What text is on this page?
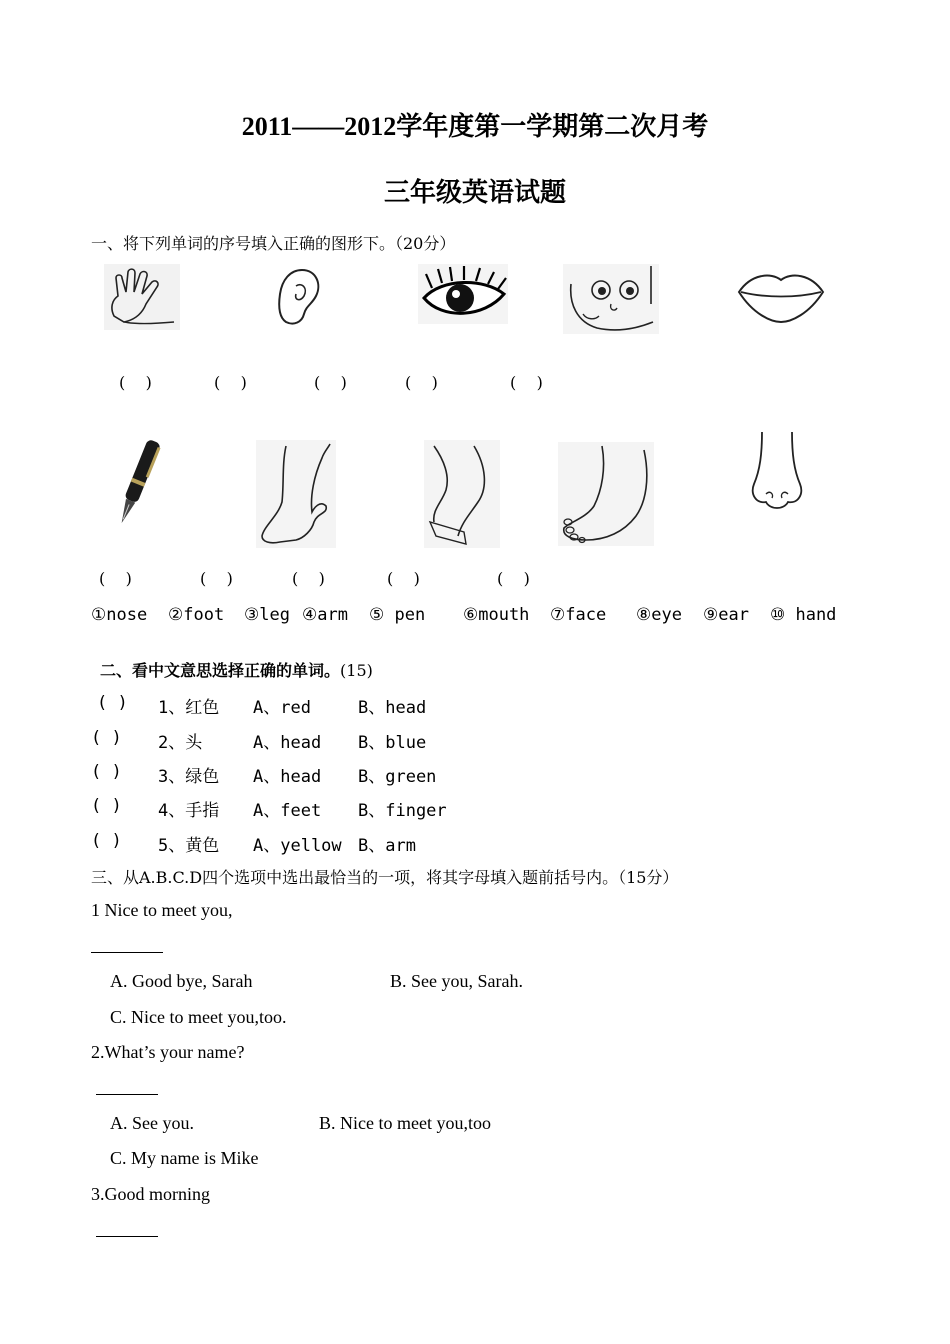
2011——2012学年度第一学期第二次月考
三年级英语试题
一、将下列单词的序号填入正确的图形下。（20分）
(    )	(    )	(    )	(    )	(    )
(    )	(    )	(    )	(    )	(    )
①nose ②foot ③leg ④arm ⑤ pen ⑥mouth ⑦face ⑧eye ⑨ear ⑩ hand
二、看中文意思选择正确的单词。(15)
( ) 1、红色 A、red	B、head
( ) 2、头	A、head B、blue
( ) 3、绿色 A、head B、green
( ) 4、手指 A、feet B、finger
( ) 5、黄色 A、yellow B、arm
三、从A.B.C.D四个选项中选出最恰当的一项，将其字母填入题前括号内。（15分）
1 Nice to meet you,
A. Good bye, Sarah	B. See you, Sarah.
C. Nice to meet you,too.
2.What’s your name?
A. See you.	B. Nice to meet you,too
C. My name is Mike
3.Good morning
